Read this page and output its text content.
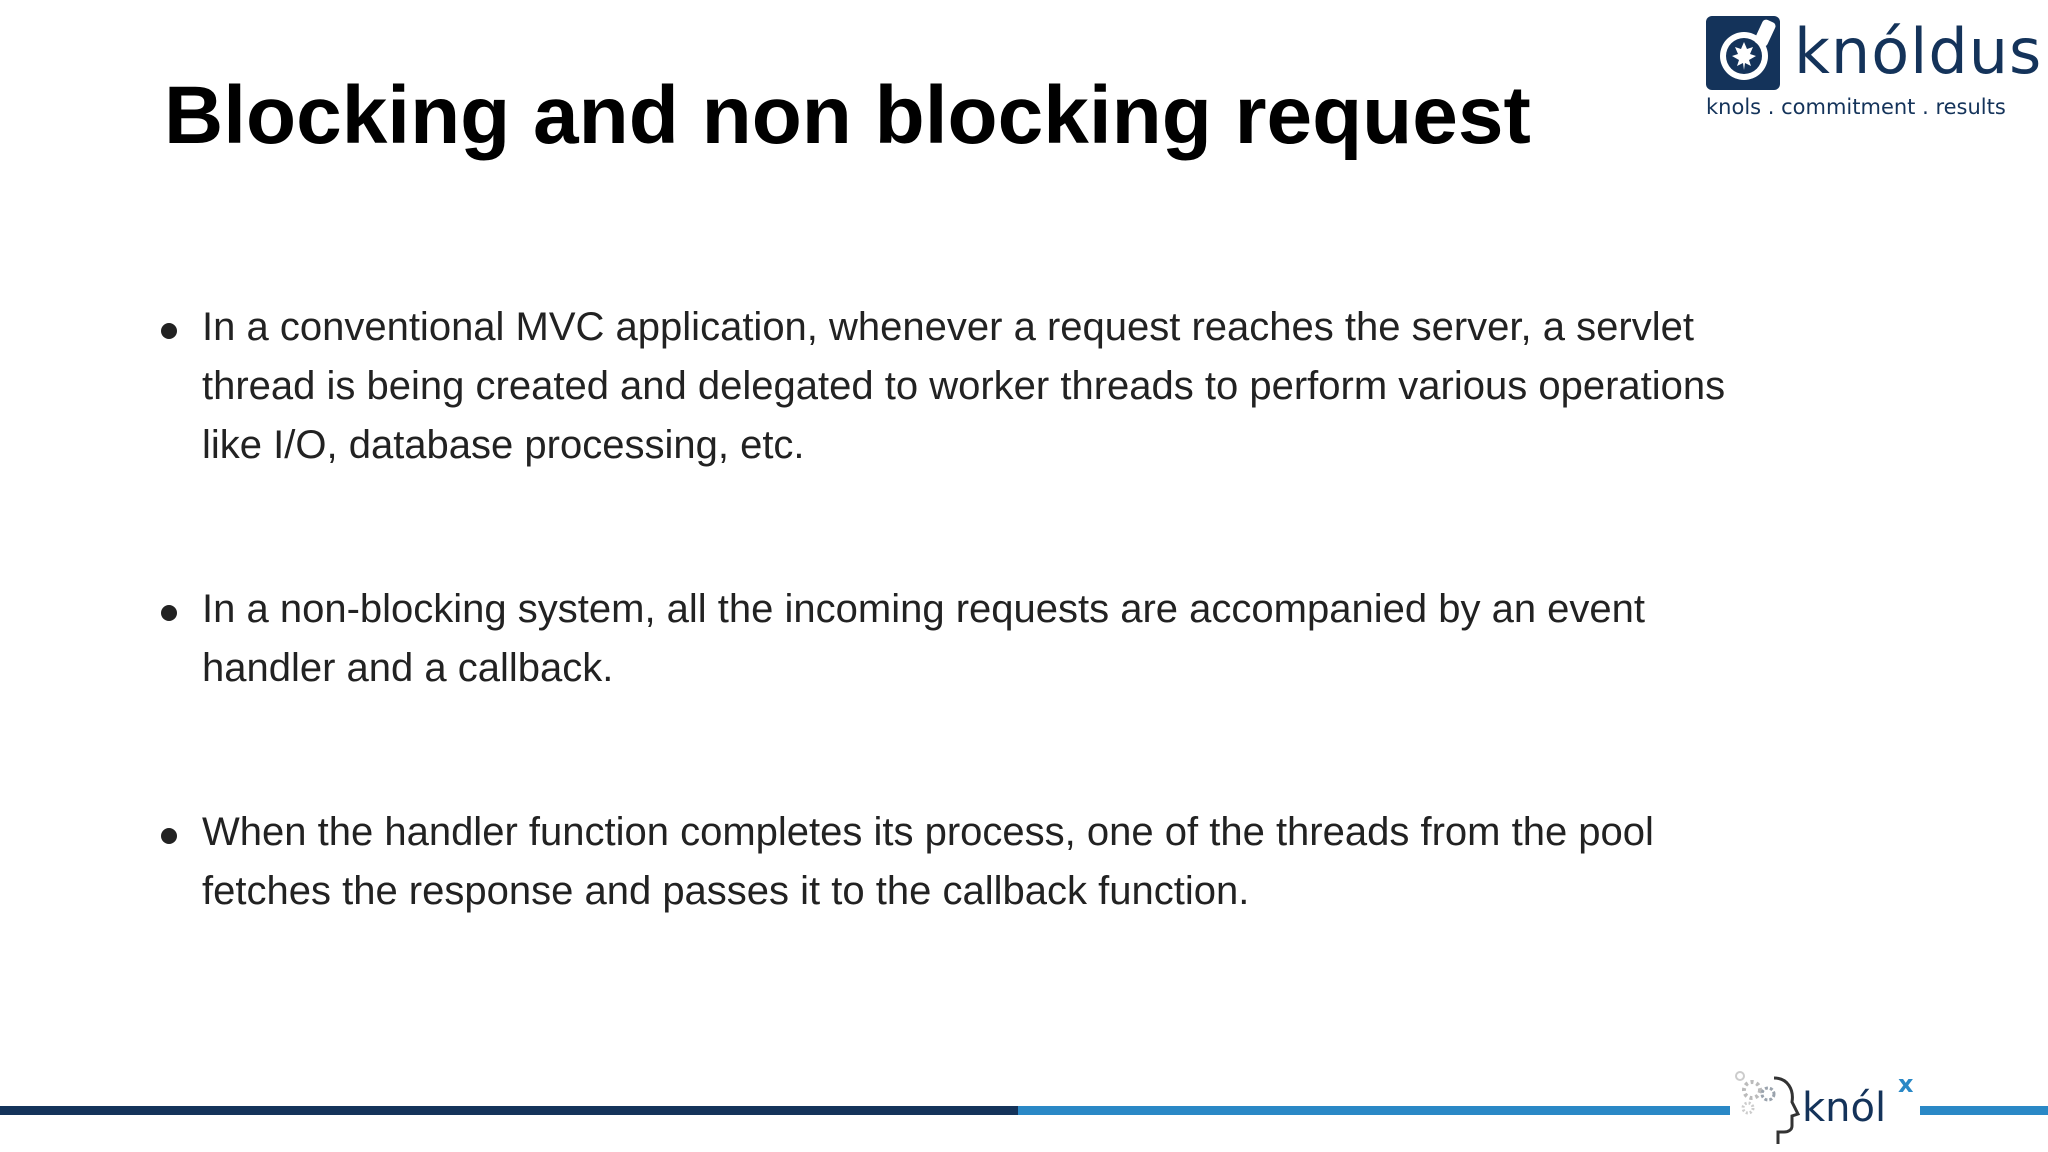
knóldus
knols . commitment . results
Blocking and non blocking request
In a conventional MVC application, whenever a request reaches the server, a servlet thread is being created and delegated to worker threads to perform various operations like I/O, database processing, etc.
In a non-blocking system, all the incoming requests are accompanied by an event handler and a callback.
When the handler function completes its process, one of the threads from the pool fetches the response and passes it to the callback function.
knól
x
